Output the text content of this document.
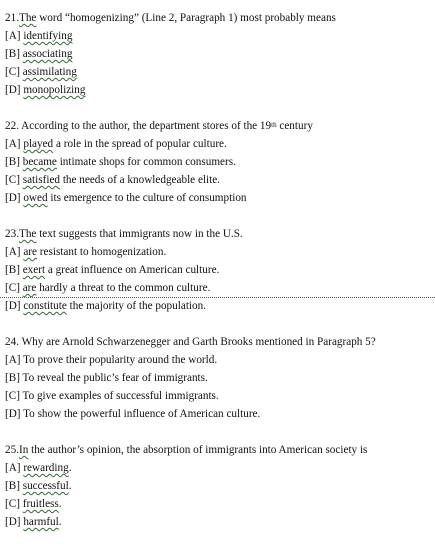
21.The word “homogenizing” (Line 2, Paragraph 1) most probably means
[A] identifying
[B] associating
[C] assimilating
[D] monopolizing
22. According to the author, the department stores of the 19th century
[A] played a role in the spread of popular culture.
[B] became intimate shops for common consumers.
[C] satisfied the needs of a knowledgeable elite.
[D] owed its emergence to the culture of consumption
23.The text suggests that immigrants now in the U.S.
[A] are resistant to homogenization.
[B] exert a great influence on American culture.
[C] are hardly a threat to the common culture.
[D] constitute the majority of the population.
24. Why are Arnold Schwarzenegger and Garth Brooks mentioned in Paragraph 5?
[A] To prove their popularity around the world.
[B] To reveal the public’s fear of immigrants.
[C] To give examples of successful immigrants.
[D] To show the powerful influence of American culture.
25.In the author’s opinion, the absorption of immigrants into American society is
[A] rewarding.
[B] successful.
[C] fruitless.
[D] harmful.
